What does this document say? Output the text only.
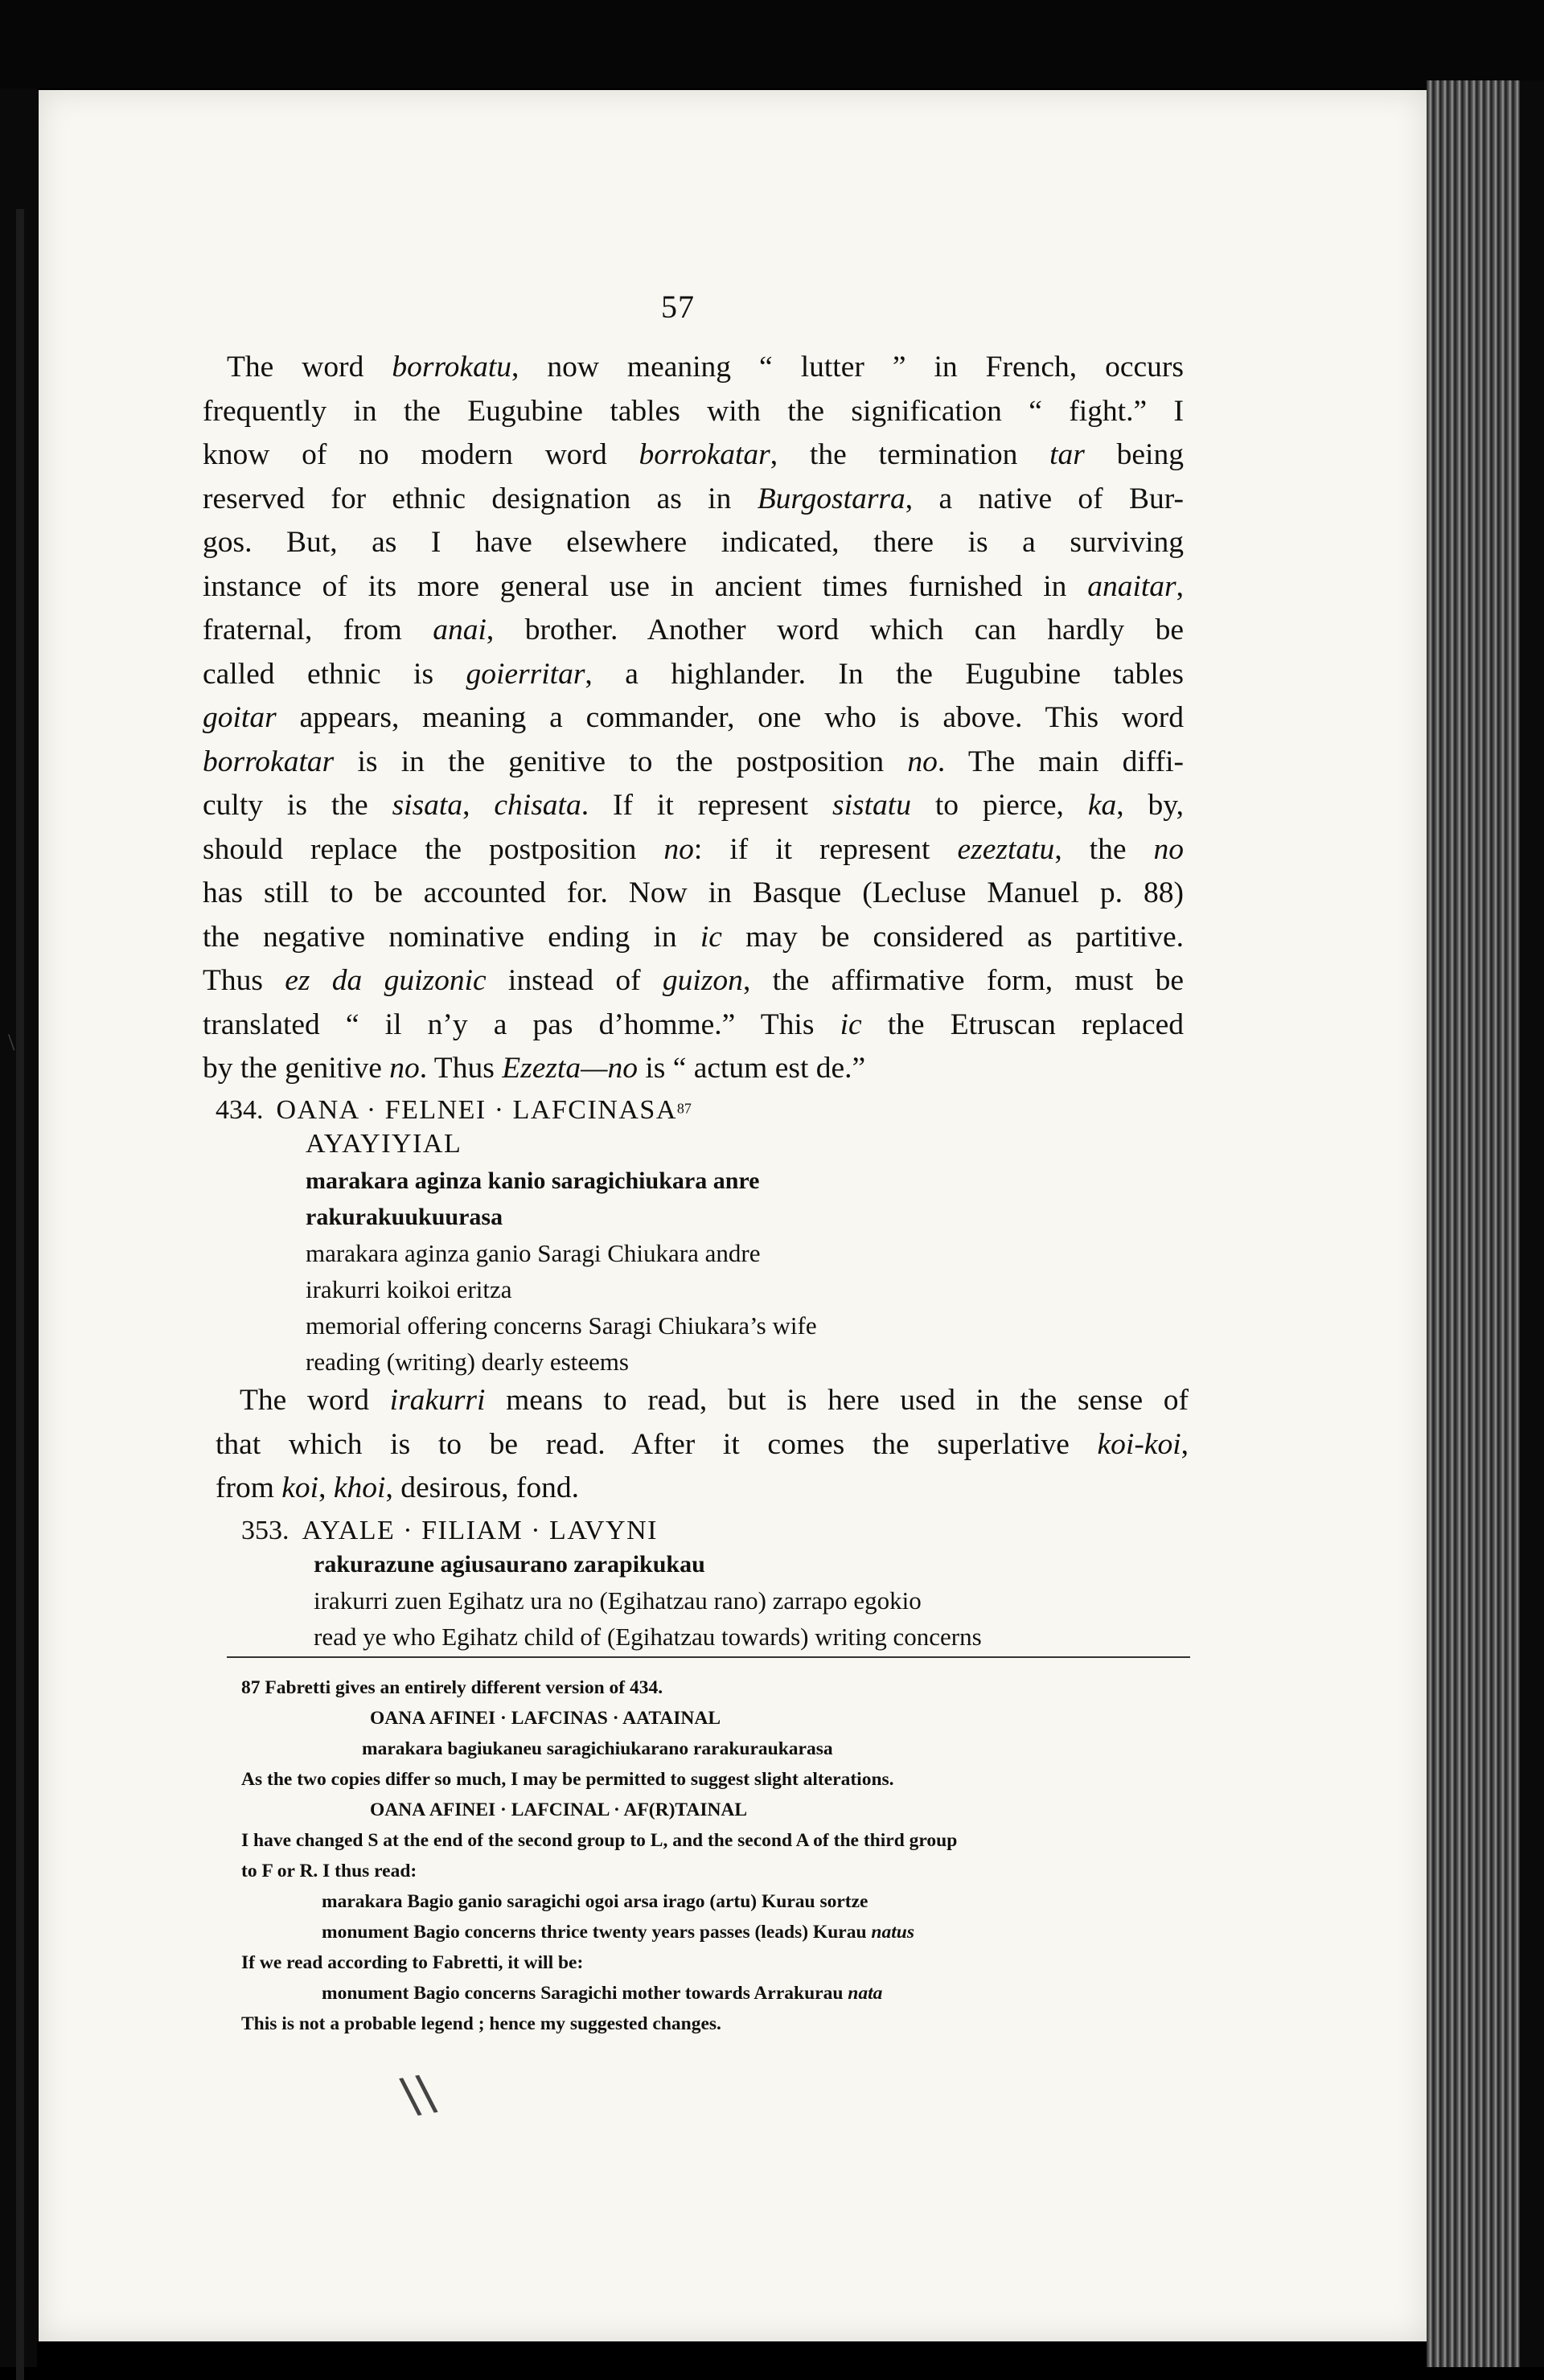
57
The word borrokatu, now meaning “ lutter ” in French, occurs
frequently in the Eugubine tables with the signification “ fight.” I
know of no modern word borrokatar, the termination tar being
reserved for ethnic designation as in Burgostarra, a native of Bur-
gos. But, as I have elsewhere indicated, there is a surviving
instance of its more general use in ancient times furnished in anaitar,
fraternal, from anai, brother. Another word which can hardly be
called ethnic is goierritar, a highlander. In the Eugubine tables
goitar appears, meaning a commander, one who is above. This word
borrokatar is in the genitive to the postposition no. The main diffi-
culty is the sisata, chisata. If it represent sistatu to pierce, ka, by,
should replace the postposition no: if it represent ezeztatu, the no
has still to be accounted for. Now in Basque (Lecluse Manuel p. 88)
the negative nominative ending in ic may be considered as partitive.
Thus ez da guizonic instead of guizon, the affirmative form, must be
translated “ il n’y a pas d’homme.” This ic the Etruscan replaced
by the genitive no. Thus Ezezta—no is “ actum est de.”
434. OANA · FELNEI · $LAFCINASA^{87}$
AYAYIYIAL
marakara aginza kanio saragichiukara anre
rakurakuukuurasa
marakara aginza ganio Saragi Chiukara andre
irakurri koikoi eritza
memorial offering concerns Saragi Chiukara’s wife
reading (writing) dearly esteems
The word irakurri means to read, but is here used in the sense of
that which is to be read. After it comes the superlative koi-koi,
from koi, khoi, desirous, fond.
353. AYALE · FILIAM · LAVYNI
rakurazune agiusaurano zarapikukau
irakurri zuen Egihatz ura no (Egihatzau rano) zarrapo egokio
read ye who Egihatz child of (Egihatzau towards) writing concerns
87 Fabretti gives an entirely different version of 434.
OANA AFINEI · LAFCINAS · AATAINAL
marakara bagiukaneu saragichiukarano rarakuraukarasa
As the two copies differ so much, I may be permitted to suggest slight alterations.
OANA AFINEI · LAFCINAL · AF(R)TAINAL
I have changed S at the end of the second group to L, and the second A of the third group
to F or R. I thus read:
marakara Bagio ganio saragichi ogoi arsa irago (artu) Kurau sortze
monument Bagio concerns thrice twenty years passes (leads) Kurau natus
If we read according to Fabretti, it will be:
monument Bagio concerns Saragichi mother towards Arrakurau nata
This is not a probable legend ; hence my suggested changes.
\
\\
